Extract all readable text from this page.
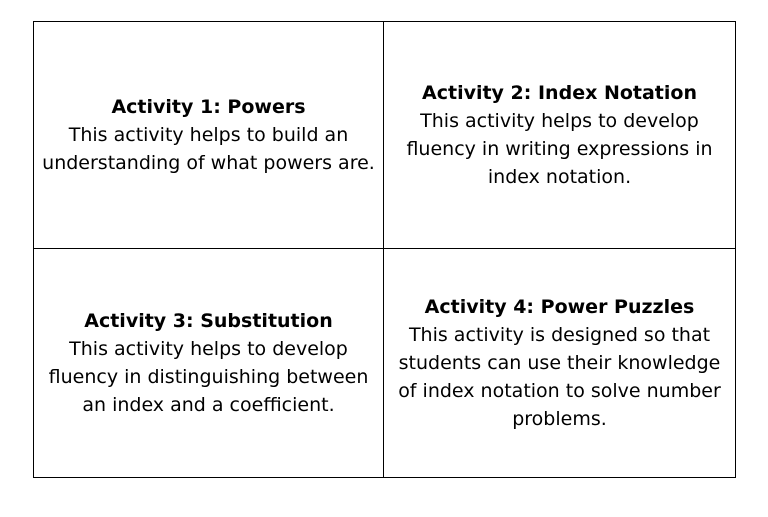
Activity 1: Powers
This activity helps to build an understanding of what powers are.
Activity 2: Index Notation
This activity helps to develop fluency in writing expressions in index notation.
Activity 3: Substitution
This activity helps to develop fluency in distinguishing between an index and a coefficient.
Activity 4: Power Puzzles
This activity is designed so that students can use their knowledge of index notation to solve number problems.
